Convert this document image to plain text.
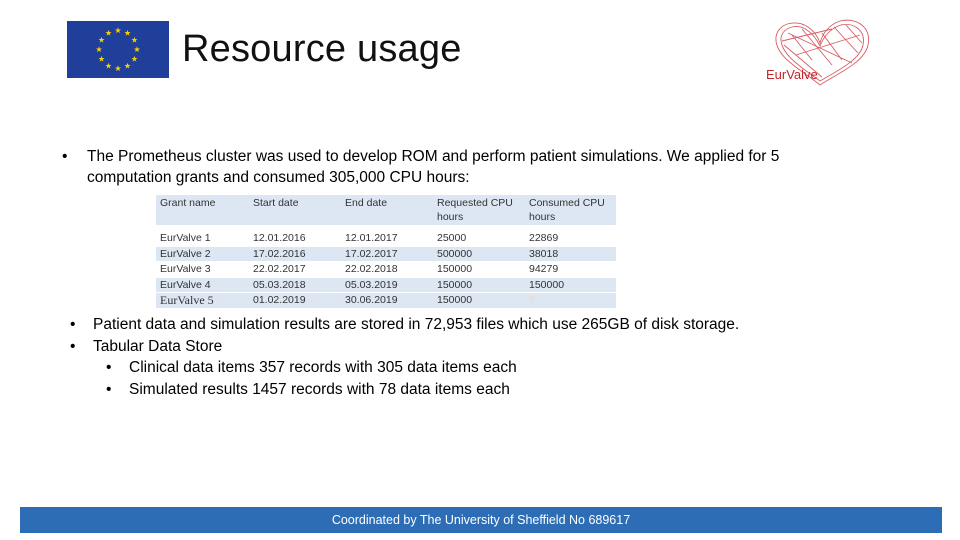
Resource usage
EurValve
• The Prometheus cluster was used to develop ROM and perform patient simulations. We applied for 5 computation grants and consumed 305,000 CPU hours:
Grant name	Start date	End date	Requested CPU hours	Consumed CPU hours

EurValve 1	12.01.2016	12.01.2017	25000	22869
EurValve 2	17.02.2016	17.02.2017	500000	38018
EurValve 3	22.02.2017	22.02.2018	150000	94279
EurValve 4	05.03.2018	05.03.2019	150000	150000
EurValve 5	01.02.2019	30.06.2019	150000	?
• Patient data and simulation results are stored in 72,953 files which use 265GB of disk storage.
• Tabular Data Store
• Clinical data items 357 records with 305 data items each
• Simulated results 1457 records with 78 data items each
Coordinated by The University of Sheffield No 689617
